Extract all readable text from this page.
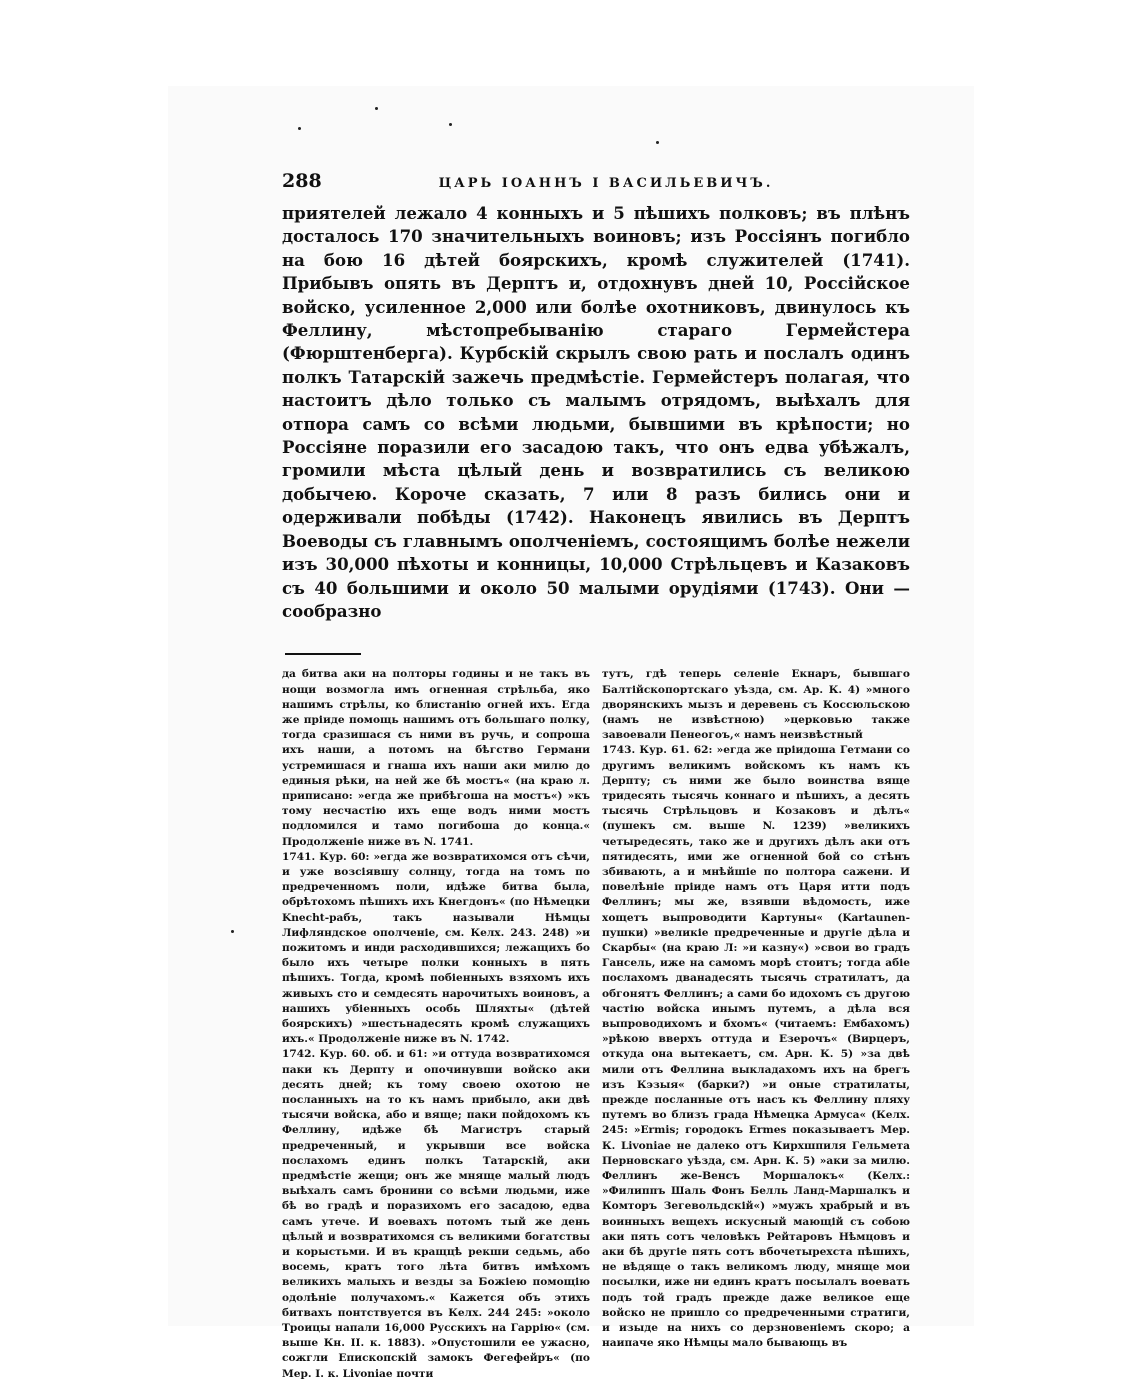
288	ЦАРЬ ІОАННЪ І ВАСИЛЬЕВИЧЪ.

приятелей лежало 4 конныхъ и 5 пѣшихъ полковъ; въ плѣнъ досталось 170 значительныхъ воиновъ; изъ Россіянъ погибло на бою 16 дѣтей боярскихъ, кромѣ служителей (1741). Прибывъ опять въ Дерптъ и, отдохнувъ дней 10, Россійское войско, усиленное 2,000 или болѣе охотниковъ, двинулось къ Феллину, мѣстопребыванію стараго Гермейстера (Фюрштенберга). Курбскій скрылъ свою рать и послалъ одинъ полкъ Татарскій зажечь предмѣстіе. Гермейстеръ полагая, что настоитъ дѣло только съ малымъ отрядомъ, выѣхалъ для отпора самъ со всѣми людьми, бывшими въ крѣпости; но Россіяне поразили его засадою такъ, что онъ едва убѣжалъ, громили мѣста цѣлый день и возвратились съ великою добычею. Короче сказать, 7 или 8 разъ бились они и одерживали побѣды (1742). Наконецъ явились въ Дерптъ Воеводы съ главнымъ ополченіемъ, состоящимъ болѣе нежели изъ 30,000 пѣхоты и конницы, 10,000 Стрѣльцевъ и Казаковъ съ 40 большими и около 50 малыми орудіями (1743). Они — сообразно

да битва аки на полторы годины и не такъ въ нощи возмогла имъ огненная стрѣльба, яко нашимъ стрѣлы, ко блистанію огней ихъ. Егда же пріиде помощь нашимъ отъ большаго полку, тогда сразишася съ ними въ ручь, и сопроша ихъ наши, а потомъ на бѣгство Германи устремишася и гнаша ихъ наши аки милю до единыя рѣки, на ней же бѣ мостъ« (на краю л. приписано: »егда же прибѣгоша на мостъ«) »къ тому несчастію ихъ еще водъ ними мостъ подломился и тамо погибоша до конца.« Продолженіе ниже въ N. 1741.

1741. Кур. 60: »егда же возвратихомся отъ сѣчи, и уже возсіявшу солнцу, тогда на томъ по предреченномъ поли, идѣже битва была, обрѣтохомъ пѣшихъ ихъ Кнегдонъ« (по Нѣмецки Knecht-рабъ, такъ называли Нѣмцы Лифляндское ополченіе, см. Келх. 243. 248) »и пожитомъ и инди расходившихся; лежащихъ бо было ихъ четыре полки конныхъ в пять пѣшихъ. Тогда, кромѣ побіенныхъ взяхомъ ихъ живыхъ сто и семдесять нарочитыхъ воиновъ, а нашихъ убіенныхъ особь Шляхты« (дѣтей боярскихъ) »шестьнадесять кромѣ служащихъ ихъ.« Продолженіе ниже въ N. 1742.

1742. Кур. 60. об. и 61: »и оттуда возвратихомся паки къ Дерпту и опочинувши войско аки десять дней; къ тому своею охотою не посланныхъ на то къ намъ прибыло, аки двѣ тысячи войска, або и вяще; паки пойдохомъ къ Феллину, идѣже бѣ Магистръ старый предреченный, и укрывши все войска послахомъ единъ полкъ Татарскій, аки предмѣстіе жещи; онъ же мняще малый людъ выѣхалъ самъ бронини со всѣми людьми, иже бѣ во градѣ и поразихомъ его засадою, едва самъ утече. И воевахъ потомъ тый же день цѣлый и возвратихомся съ великими богатствы и корыстьми. И въ кращцѣ рекши седьмь, або восемь, кратъ того лѣта битвъ имѣхомъ великихъ малыхъ и везды за Божіею помощію одолѣніе получахомъ.« Кажется объ этихъ битвахъ понтствуется въ Келх. 244 245: »около Троицы напали 16,000 Русскихъ на Гаррію« (см. выше Кн. II. к. 1883). »Опустошили ее ужасно, сожгли Епископскій замокъ Фегефейръ« (по Мер. I. к. Livoniae почти

тутъ, гдѣ теперь селеніе Екнаръ, бывшаго Балтійскопортскаго уѣзда, см. Ар. К. 4) »много дворянскихъ мызъ и деревень съ Коссюльскою (намъ не извѣстною) »церковью также завоевали Пенеогоъ,« намъ неизвѣстный

1743. Кур. 61. 62: »егда же пріидоша Гетмани со другимъ великимъ войскомъ къ намъ къ Дерпту; съ ними же было воинства вяще тридесять тысячь коннаго и пѣшихъ, а десять тысячь Стрѣльцовъ и Козаковъ и дѣлъ« (пушекъ см. выше N. 1239) »великихъ четыредесять, тако же и другихъ дѣлъ аки отъ пятидесять, ими же огненной бой со стѣнъ збивають, а и мнѣйшіе по полтора сажени. И повелѣніе пріиде намъ отъ Царя итти подъ Феллинъ; мы же, взявши вѣдомость, иже хощетъ выпроводити Картуны« (Kartaunen-пушки) »великіе предреченные и другіе дѣла и Скарбы« (на краю Л: »и казну«) »свои во градъ Гансель, иже на самомъ морѣ стоитъ; тогда абіе послахомъ дванадесять тысячь стратилатъ, да обгонятъ Феллинъ; а сами бо идохомъ съ другою частію войска инымъ путемъ, а дѣла вся выпроводихомъ и бхомъ« (читаемъ: Ембахомъ) »рѣкою вверхъ оттуда и Езерочъ« (Вирцеръ, откуда она вытекаетъ, см. Арн. К. 5) »за двѣ мили отъ Феллина выкладахомъ ихъ на брегъ изъ Кэзыя« (барки?) »и оные стратилаты, прежде посланные отъ насъ къ Феллину пляху путемъ во близъ града Нѣмецка Армуса« (Келх. 245: »Ermis; городокъ Ermes показываетъ Мер. К. Livoniae не далеко отъ Кирхшпиля Гельмета Перновскаго уѣзда, см. Арн. К. 5) »аки за милю. Феллинъ же-Венсъ Моршалокъ« (Келх.: »Филиппъ Шаль Фонъ Белль Ланд-Маршалкъ и Комторъ Зегевольдскій«) »мужъ храбрый и въ воинныхъ вещехъ искусный мающій съ собою аки пять сотъ человѣкъ Рейтаровъ Нѣмцовъ и аки бѣ другіе пять сотъ вбочетырехста пѣшихъ, не вѣдяще о такъ великомъ люду, мняще мои посылки, иже ни единъ кратъ посылалъ воевать подъ той градъ прежде даже великое еще войско не пришло со предреченными стратиги, и изыде на нихъ со дерзновеніемъ скоро; а наипаче яко Нѣмцы мало бывающь въ
